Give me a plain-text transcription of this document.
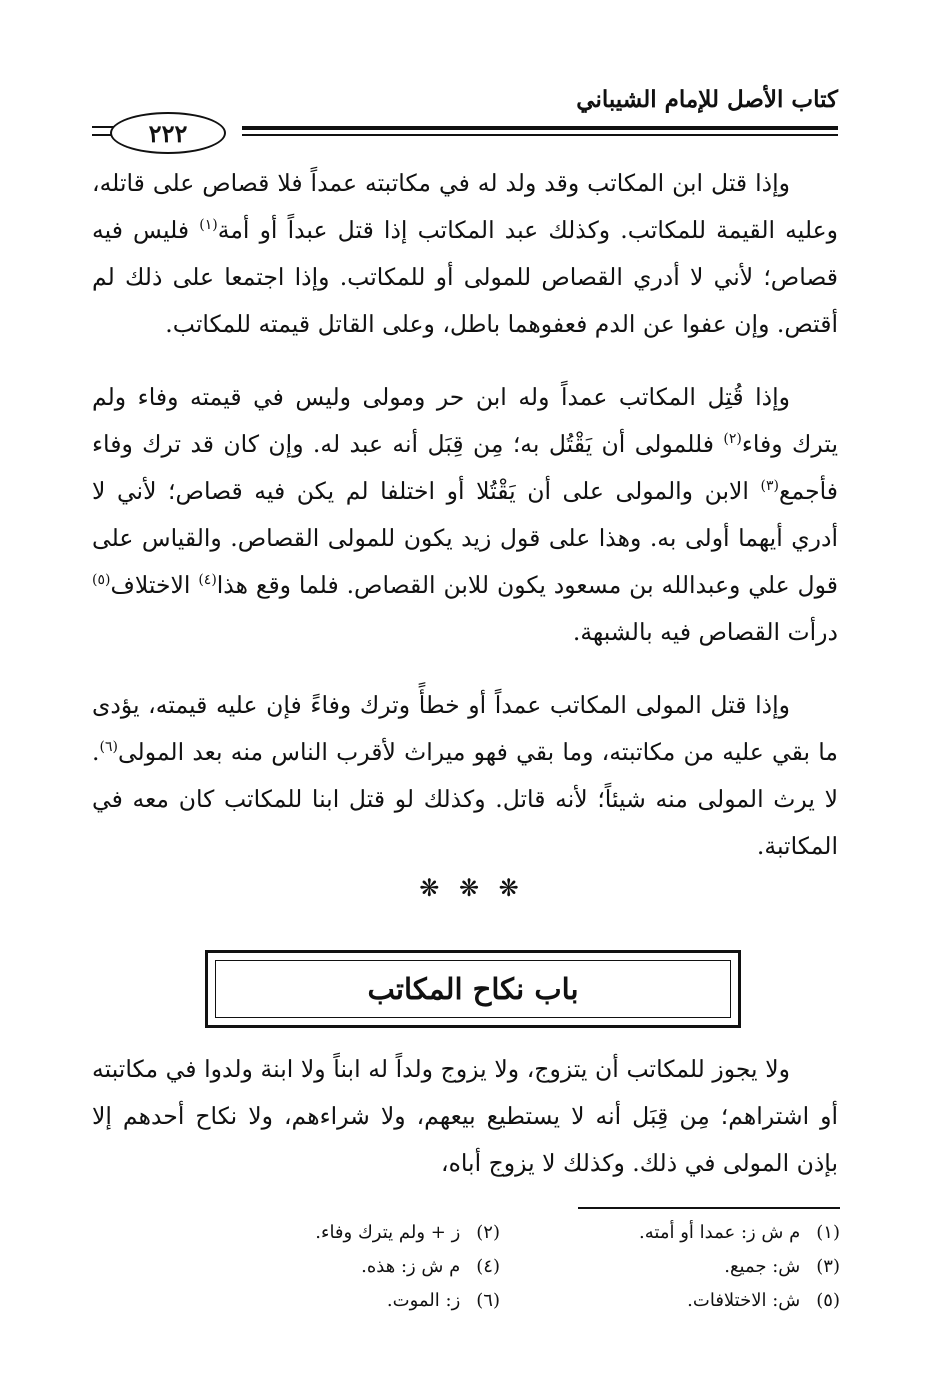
كتاب الأصل للإمام الشيباني
٢٢٢

وإذا قتل ابن المكاتب وقد ولد له في مكاتبته عمداً فلا قصاص على قاتله، وعليه القيمة للمكاتب. وكذلك عبد المكاتب إذا قتل عبداً أو أمة$^{(١)}$ فليس فيه قصاص؛ لأني لا أدري القصاص للمولى أو للمكاتب. وإذا اجتمعا على ذلك لم أقتص. وإن عفوا عن الدم فعفوهما باطل، وعلى القاتل قيمته للمكاتب.

وإذا قُتِل المكاتب عمداً وله ابن حر ومولى وليس في قيمته وفاء ولم يترك وفاء$^{(٢)}$ فللمولى أن يَقْتُل به؛ مِن قِبَل أنه عبد له. وإن كان قد ترك وفاء فأجمع$^{(٣)}$ الابن والمولى على أن يَقْتُلا أو اختلفا لم يكن فيه قصاص؛ لأني لا أدري أيهما أولى به. وهذا على قول زيد يكون للمولى القصاص. والقياس على قول علي وعبدالله بن مسعود يكون للابن القصاص. فلما وقع هذا$^{(٤)}$ الاختلاف$^{(٥)}$ درأت القصاص فيه بالشبهة.

وإذا قتل المولى المكاتب عمداً أو خطأً وترك وفاءً فإن عليه قيمته، يؤدى ما بقي عليه من مكاتبته، وما بقي فهو ميراث لأقرب الناس منه بعد المولى$^{(٦)}$. لا يرث المولى منه شيئاً؛ لأنه قاتل. وكذلك لو قتل ابنا للمكاتب كان معه في المكاتبة.

❋ ❋ ❋
باب نكاح المكاتب

ولا يجوز للمكاتب أن يتزوج، ولا يزوج ولداً له ابناً ولا ابنة ولدوا في مكاتبته أو اشتراهم؛ مِن قِبَل أنه لا يستطيع بيعهم، ولا شراءهم، ولا نكاح أحدهم إلا بإذن المولى في ذلك. وكذلك لا يزوج أباه،

(١) م ش ز: عمدا أو أمته.
(٢) ز + ولم يترك وفاء.
(٣) ش: جميع.
(٤) م ش ز: هذه.
(٥) ش: الاختلافات.
(٦) ز: الموت.
